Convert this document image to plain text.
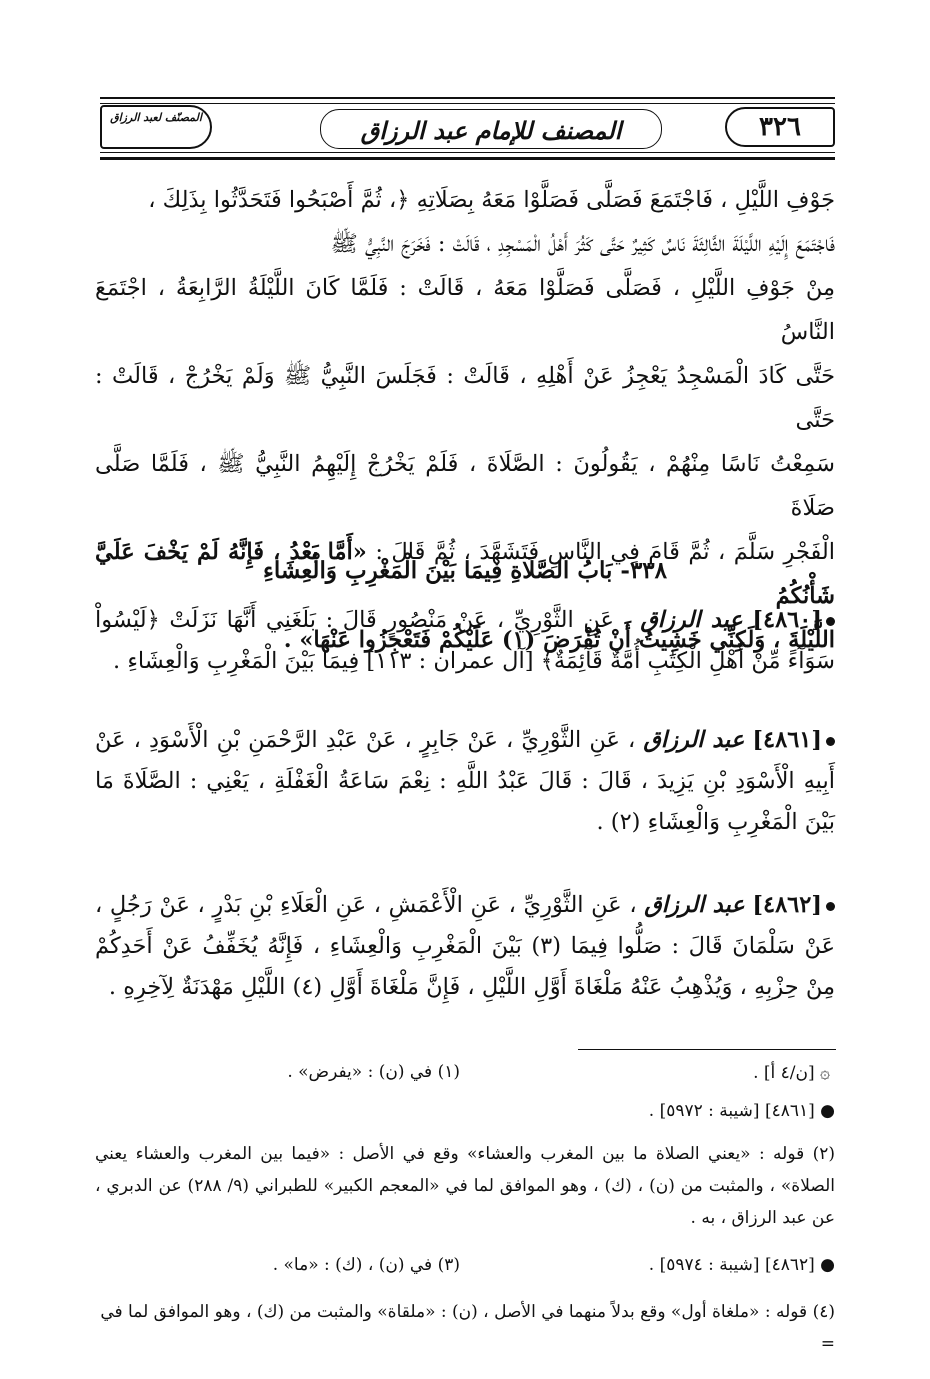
المصنّف لعبد الرزاق	المصنف للإمام عبد الرزاق	٣٢٦

جَوْفِ اللَّيْلِ ، فَاجْتَمَعَ فَصَلَّى فَصَلَّوْا مَعَهُ بِصَلَاتِهِ ﴿، ثُمَّ أَصْبَحُوا فَتَحَدَّثُوا بِذَلِكَ ،

فَاجْتَمَعَ إِلَيْهِ اللَّيْلَةَ الثَّالِثَةَ نَاسٌ كَثِيرٌ حَتَّى كَثُرَ أَهْلُ الْمَسْجِدِ ، قَالَتْ : فَخَرَجَ النَّبِيُّ ﷺ

مِنْ جَوْفِ اللَّيْلِ ، فَصَلَّى فَصَلَّوْا مَعَهُ ، قَالَتْ : فَلَمَّا كَانَ اللَّيْلَةُ الرَّابِعَةُ ، اجْتَمَعَ النَّاسُ

حَتَّى كَادَ الْمَسْجِدُ يَعْجِزُ عَنْ أَهْلِهِ ، قَالَتْ : فَجَلَسَ النَّبِيُّ ﷺ وَلَمْ يَخْرُجْ ، قَالَتْ : حَتَّى

سَمِعْتُ نَاسًا مِنْهُمْ ، يَقُولُونَ : الصَّلَاةَ ، فَلَمْ يَخْرُجْ إِلَيْهِمُ النَّبِيُّ ﷺ ، فَلَمَّا صَلَّى صَلَاةَ

الْفَجْرِ سَلَّمَ ، ثُمَّ قَامَ فِي النَّاسِ فَتَشَهَّدَ ، ثُمَّ قَالَ : «أَمَّا بَعْدُ ، فَإِنَّهُ لَمْ يَخْفَ عَلَيَّ شَأْنُكُمُ

اللَّيْلَةَ ، وَلَكِنِّي خَشِيتُ أَنْ تُفْرَضَ (١) عَلَيْكُمْ فَتَعْجِزُوا عَنْهَا» .

٣٣٨- بَابُ الصَّلَاةِ فِيمَا بَيْنَ الْمَغْرِبِ وَالْعِشَاءِ
[٤٨٦٠] عبد الرزاق ، عَنِ الثَّوْرِيِّ ، عَنْ مَنْصُورٍ قَالَ : بَلَغَنِي أَنَّهَا نَزَلَتْ ﴿لَيْسُواْ سَوَآءً مِّنْ أَهْلِ الْكِتَٰبِ أُمَّةٌ قَآئِمَةٌ﴾ [آل عمران : ١١٣] فِيمَا بَيْنَ الْمَغْرِبِ وَالْعِشَاءِ .
[٤٨٦١] عبد الرزاق ، عَنِ الثَّوْرِيِّ ، عَنْ جَابِرٍ ، عَنْ عَبْدِ الرَّحْمَنِ بْنِ الْأَسْوَدِ ، عَنْ أَبِيهِ الْأَسْوَدِ بْنِ يَزِيدَ ، قَالَ : قَالَ عَبْدُ اللَّهِ : نِعْمَ سَاعَةُ الْغَفْلَةِ ، يَعْنِي : الصَّلَاةَ مَا بَيْنَ الْمَغْرِبِ وَالْعِشَاءِ (٢) .
[٤٨٦٢] عبد الرزاق ، عَنِ الثَّوْرِيِّ ، عَنِ الْأَعْمَشِ ، عَنِ الْعَلَاءِ بْنِ بَدْرٍ ، عَنْ رَجُلٍ ، عَنْ سَلْمَانَ قَالَ : صَلُّوا فِيمَا (٣) بَيْنَ الْمَغْرِبِ وَالْعِشَاءِ ، فَإِنَّهُ يُخَفِّفُ عَنْ أَحَدِكُمْ مِنْ حِزْبِهِ ، وَيُذْهِبُ عَنْهُ مَلْغَاةَ أَوَّلِ اللَّيْلِ ، فَإِنَّ مَلْغَاةَ أَوَّلِ (٤) اللَّيْلِ مَهْدَنَةٌ لِآخِرِهِ .
۞ [ن/٤ أ] .
(١) في (ن) : «يفرض» .
● [٤٨٦١] [شيبة : ٥٩٧٢] .
(٢) قوله : «يعني الصلاة ما بين المغرب والعشاء» وقع في الأصل : «فيما بين المغرب والعشاء يعني الصلاة» ، والمثبت من (ن) ، (ك) ، وهو الموافق لما في «المعجم الكبير» للطبراني (٩/ ٢٨٨) عن الدبري ، عن عبد الرزاق ، به .
● [٤٨٦٢] [شيبة : ٥٩٧٤] .
(٣) في (ن) ، (ك) : «ما» .
(٤) قوله : «ملغاة أول» وقع بدلاً منهما في الأصل ، (ن) : «ملقاة» والمثبت من (ك) ، وهو الموافق لما في =
